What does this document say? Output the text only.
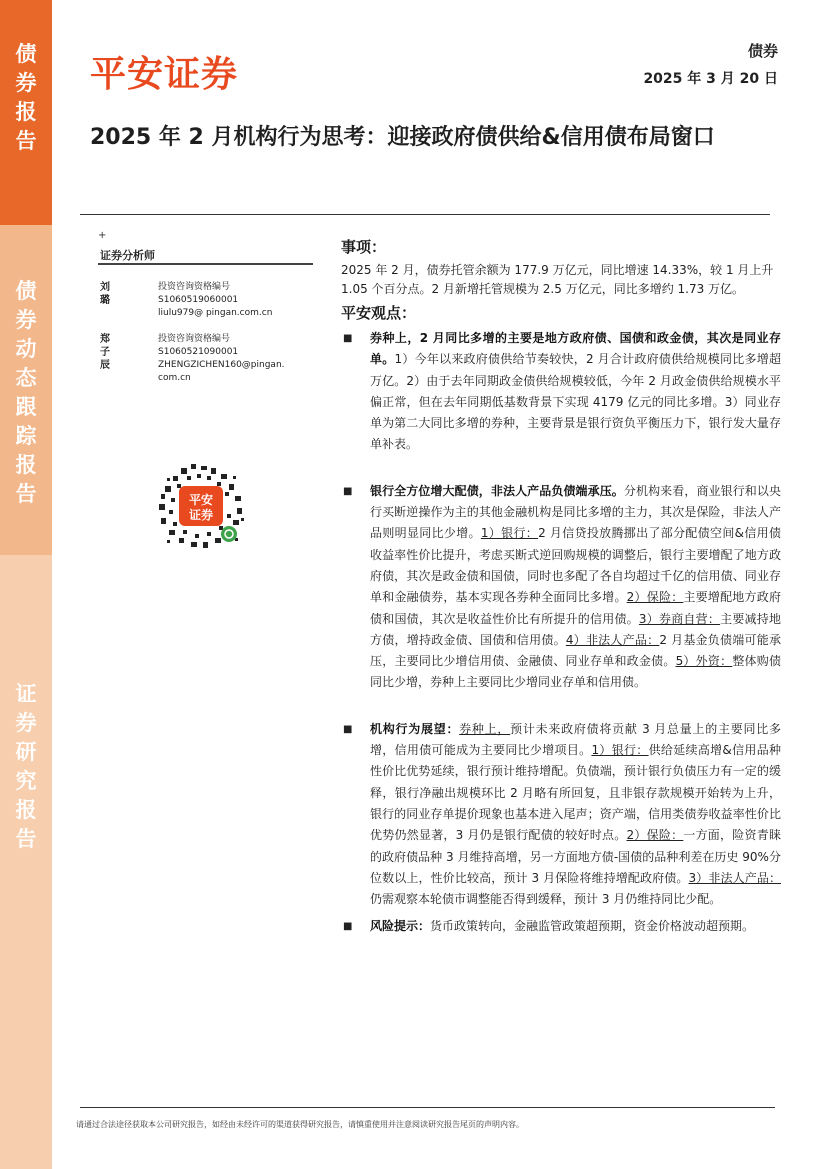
债
券
报
告
债
券
动
态
跟
踪
报
告
证
券
研
究
报
告
平安证券
债券
2025 年 3 月 20 日
2025 年 2 月机构行为思考：迎接政府债供给&信用债布局窗口
+
证券分析师
刘璐
投资咨询资格编号
S1060519060001
liulu979@ pingan.com.cn
郑子辰
投资咨询资格编号
S1060521090001
ZHENGZICHEN160@pingan.com.cn
平安
证券
事项：

2025 年 2 月，债券托管余额为 177.9 万亿元，同比增速 14.33%，较 1 月上升 1.05 个百分点。2 月新增托管规模为 2.5 万亿元，同比多增约 1.73 万亿。

平安观点：
■ 券种上，2 月同比多增的主要是地方政府债、国债和政金债，其次是同业存单。1）今年以来政府债供给节奏较快，2 月合计政府债供给规模同比多增超万亿。2）由于去年同期政金债供给规模较低，今年 2 月政金债供给规模水平偏正常，但在去年同期低基数背景下实现 4179 亿元的同比多增。3）同业存单为第二大同比多增的券种，主要背景是银行资负平衡压力下，银行发大量存单补表。
■ 银行全方位增大配债，非法人产品负债端承压。分机构来看，商业银行和以央行买断逆操作为主的其他金融机构是同比多增的主力，其次是保险，非法人产品则明显同比少增。1）银行：2 月信贷投放腾挪出了部分配债空间&信用债收益率性价比提升，考虑买断式逆回购规模的调整后，银行主要增配了地方政府债，其次是政金债和国债，同时也多配了各自均超过千亿的信用债、同业存单和金融债券，基本实现各券种全面同比多增。2）保险：主要增配地方政府债和国债，其次是收益性价比有所提升的信用债。3）券商自营：主要减持地方债，增持政金债、国债和信用债。4）非法人产品：2 月基金负债端可能承压，主要同比少增信用债、金融债、同业存单和政金债。5）外资：整体购债同比少增，券种上主要同比少增同业存单和信用债。
■ 机构行为展望：券种上，预计未来政府债将贡献 3 月总量上的主要同比多增，信用债可能成为主要同比少增项目。1）银行：供给延续高增&信用品种性价比优势延续，银行预计维持增配。负债端，预计银行负债压力有一定的缓释，银行净融出规模环比 2 月略有所回复，且非银存款规模开始转为上升，银行的同业存单提价现象也基本进入尾声；资产端，信用类债券收益率性价比优势仍然显著，3 月仍是银行配债的较好时点。2）保险：一方面，险资青睐的政府债品种 3 月维持高增，另一方面地方债-国债的品种利差在历史 90%分位数以上，性价比较高，预计 3 月保险将维持增配政府债。3）非法人产品：仍需观察本轮债市调整能否得到缓释，预计 3 月仍维持同比少配。
■ 风险提示：货币政策转向，金融监管政策超预期，资金价格波动超预期。
请通过合法途径获取本公司研究报告，如经由未经许可的渠道获得研究报告，请慎重使用并注意阅读研究报告尾页的声明内容。
